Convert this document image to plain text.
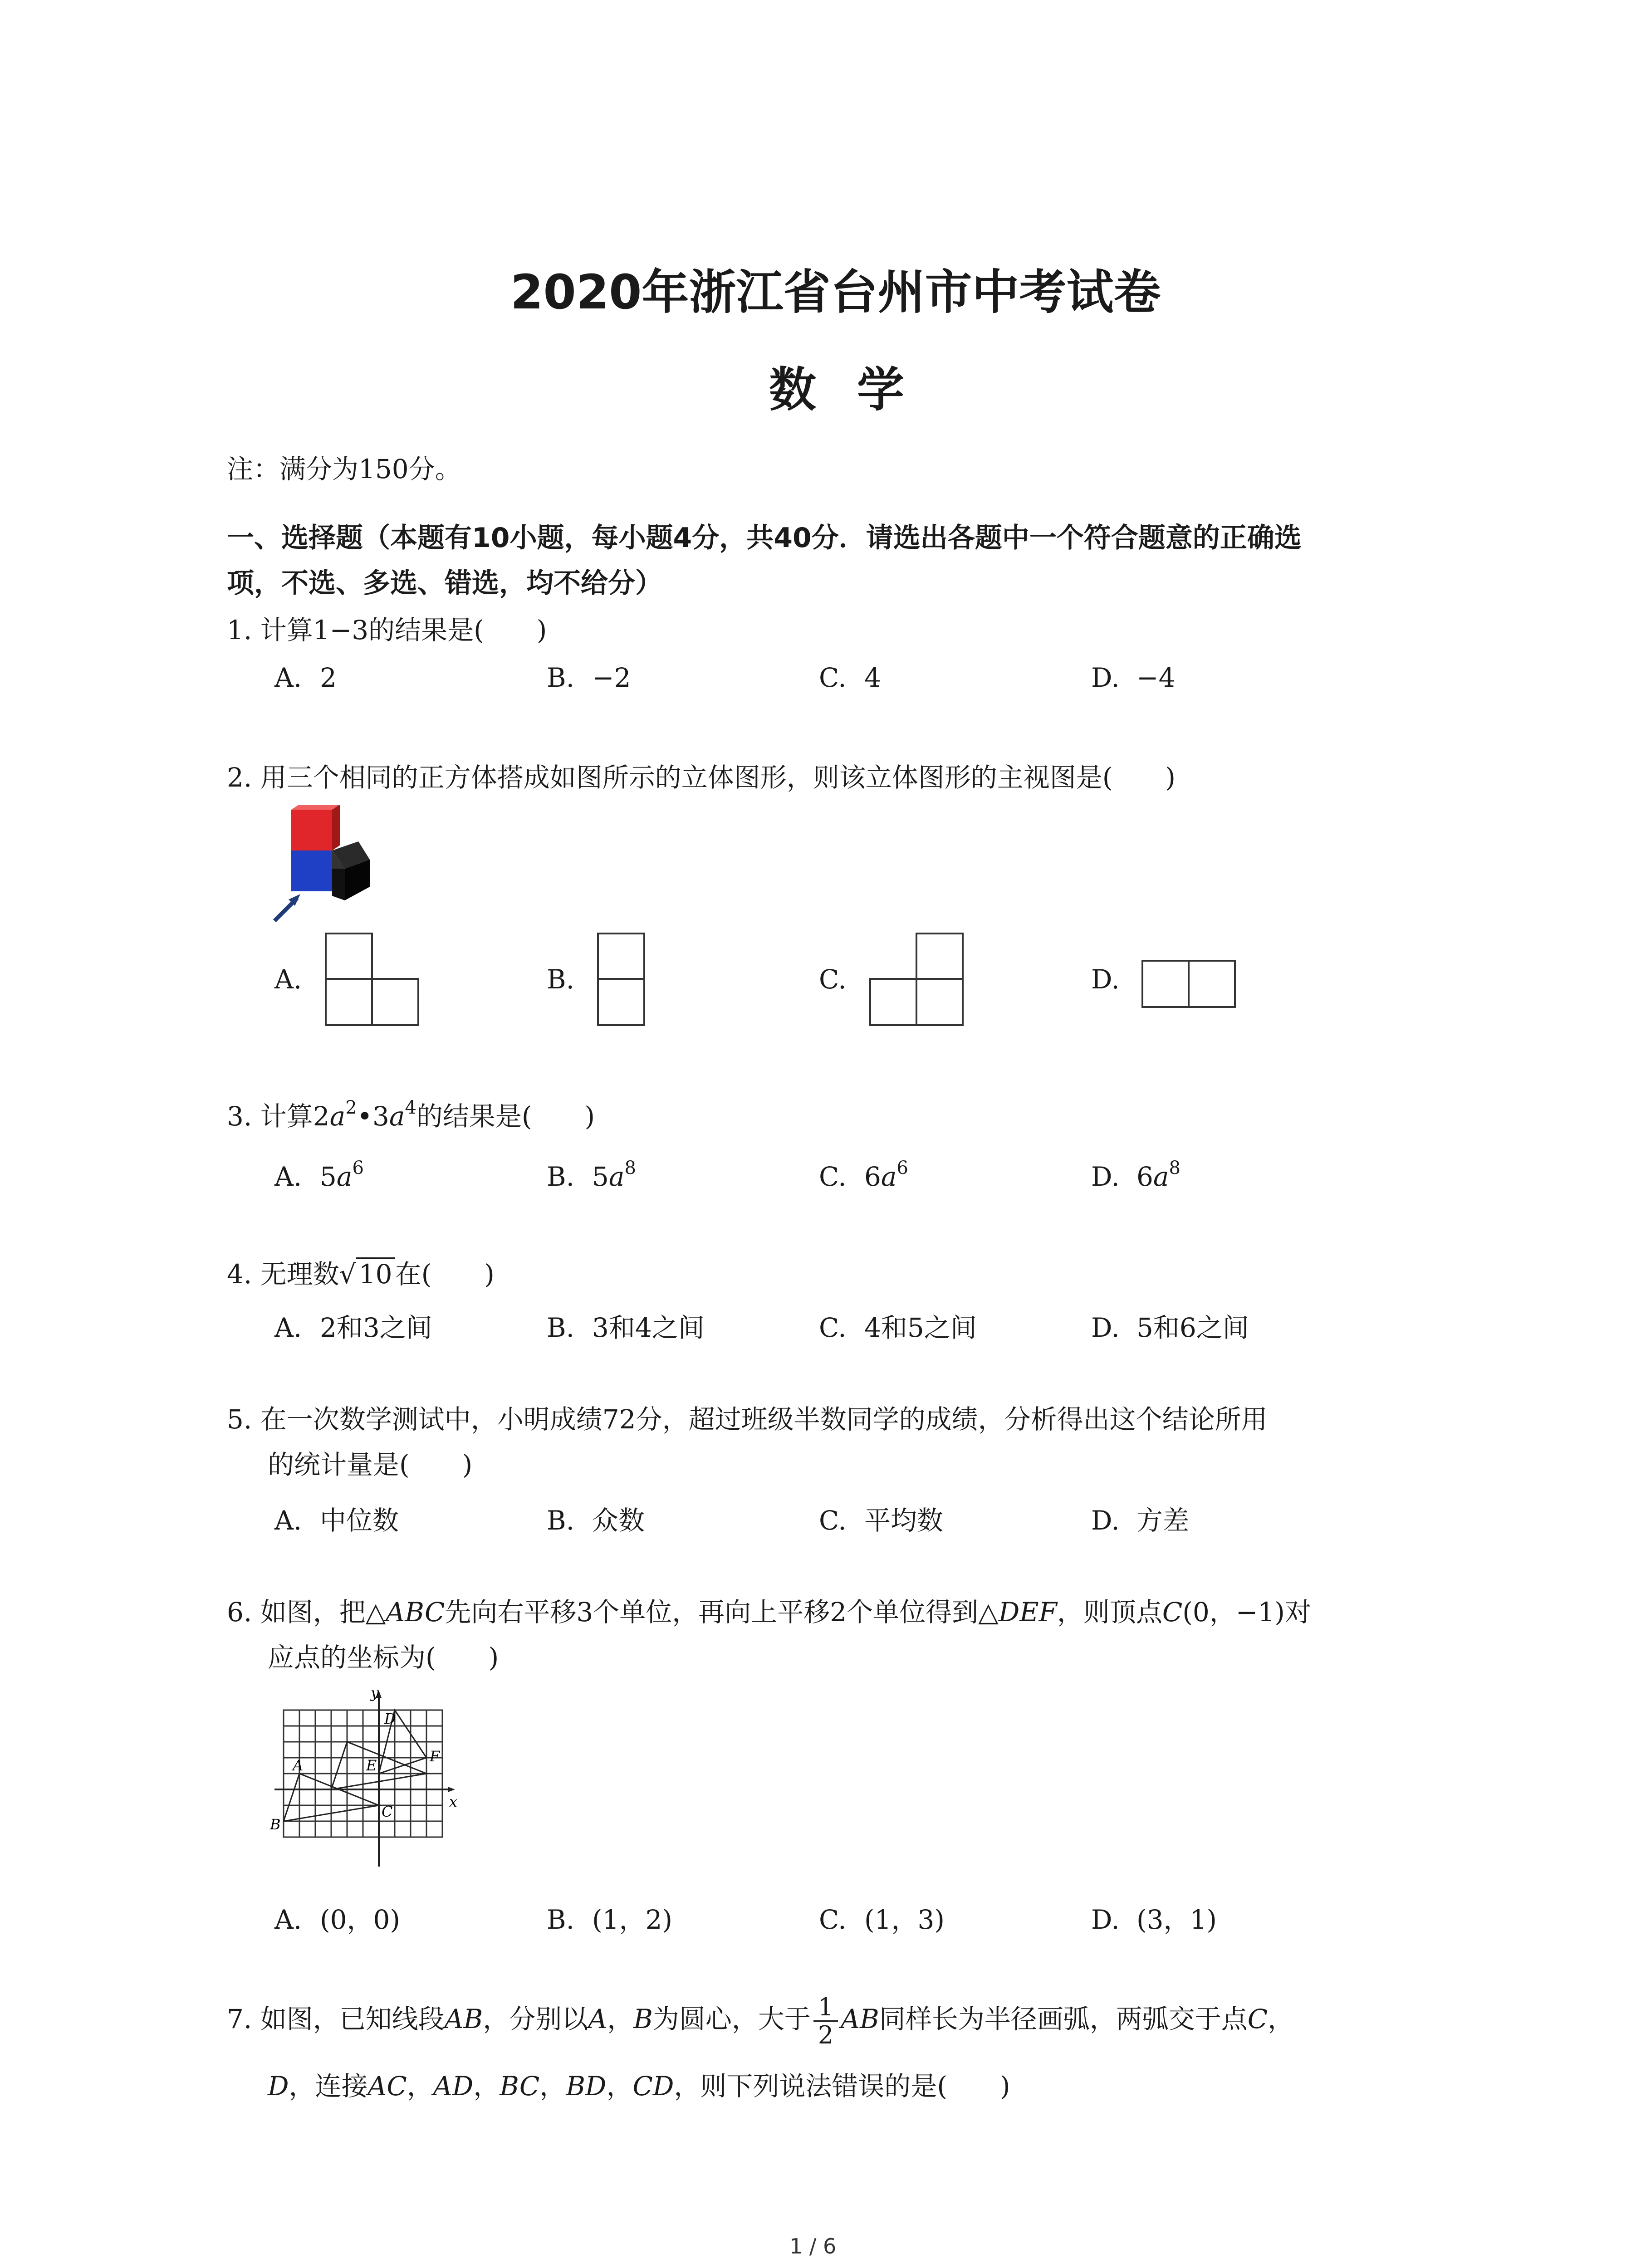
2020年浙江省台州市中考试卷
数学
注：满分为150分。
一、选择题（本题有10小题，每小题4分，共40分．请选出各题中一个符合题意的正确选
项，不选、多选、错选，均不给分）
1. 计算1−3的结果是(　　)
A. 2	B. −2	C. 4	D. −4
2. 用三个相同的正方体搭成如图所示的立体图形，则该立体图形的主视图是(　　)
A.	B.	C.	D.
3. 计算$2a^2•3a^4$的结果是(　　)
A. $5a^6$	B. $5a^8$	C. $6a^6$	D. $6a^8$
4. 无理数√ 10 在(　　)
A. 2和3之间	B. 3和4之间	C. 4和5之间	D. 5和6之间
5. 在一次数学测试中，小明成绩72分，超过班级半数同学的成绩，分析得出这个结论所用
的统计量是(　　)
A. 中位数	B. 众数	C. 平均数	D. 方差
6. 如图，把△ABC先向右平移3个单位，再向上平移2个单位得到△DEF，则顶点C(0，−1)对
应点的坐标为(　　)
y
x
A
B
C
D
E
F
A. (0，0)	B. (1，2)	C. (1，3)	D. (3，1)
7. 如图，已知线段AB，分别以A，B为圆心，大于 $\frac{1}{2}$ AB同样长为半径画弧，两弧交于点C，
D，连接AC，AD，BC，BD，CD，则下列说法错误的是(　　)
1 / 6
